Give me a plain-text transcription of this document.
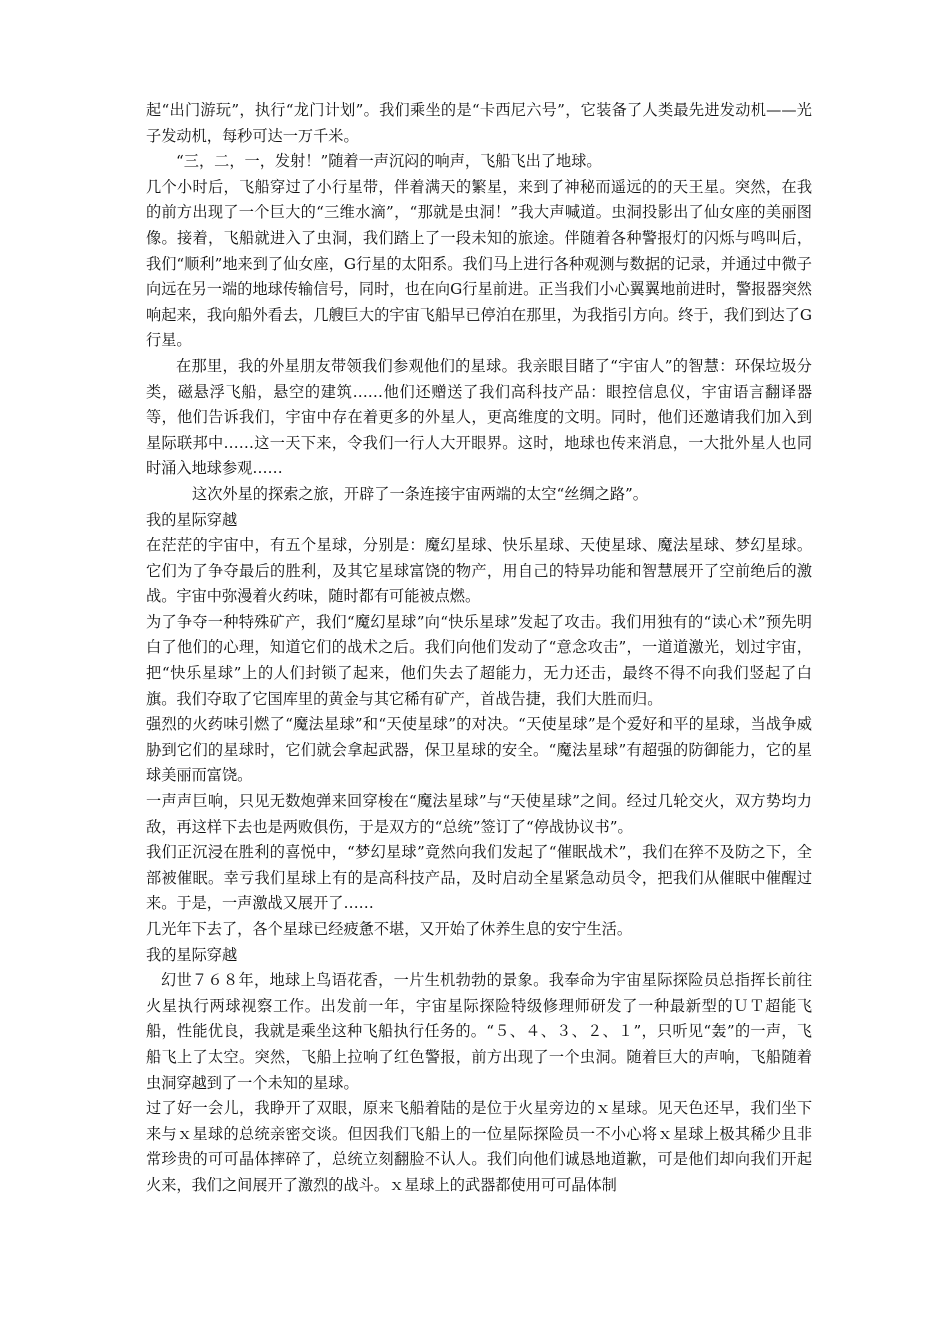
起“出门游玩”，执行“龙门计划”。我们乘坐的是“卡西尼六号”，它装备了人类最先进发动机——光子发动机，每秒可达一万千米。

“三，二，一，发射！”随着一声沉闷的响声，飞船飞出了地球。

几个小时后，飞船穿过了小行星带，伴着满天的繁星，来到了神秘而遥远的的天王星。突然，在我的前方出现了一个巨大的“三维水滴”，“那就是虫洞！”我大声喊道。虫洞投影出了仙女座的美丽图像。接着，飞船就进入了虫洞，我们踏上了一段未知的旅途。伴随着各种警报灯的闪烁与鸣叫后，我们“顺利”地来到了仙女座，G行星的太阳系。我们马上进行各种观测与数据的记录，并通过中微子向远在另一端的地球传输信号，同时，也在向G行星前进。正当我们小心翼翼地前进时，警报器突然响起来，我向船外看去，几艘巨大的宇宙飞船早已停泊在那里，为我指引方向。终于，我们到达了G行星。

在那里，我的外星朋友带领我们参观他们的星球。我亲眼目睹了“宇宙人”的智慧：环保垃圾分类，磁悬浮飞船，悬空的建筑……他们还赠送了我们高科技产品：眼控信息仪，宇宙语言翻译器等，他们告诉我们，宇宙中存在着更多的外星人，更高维度的文明。同时，他们还邀请我们加入到星际联邦中……这一天下来，令我们一行人大开眼界。这时，地球也传来消息，一大批外星人也同时涌入地球参观……

这次外星的探索之旅，开辟了一条连接宇宙两端的太空“丝绸之路”。

我的星际穿越

在茫茫的宇宙中，有五个星球，分别是：魔幻星球、快乐星球、天使星球、魔法星球、梦幻星球。它们为了争夺最后的胜利，及其它星球富饶的物产，用自己的特异功能和智慧展开了空前绝后的激战。宇宙中弥漫着火药味，随时都有可能被点燃。

为了争夺一种特殊矿产，我们“魔幻星球”向“快乐星球”发起了攻击。我们用独有的“读心术”预先明白了他们的心理，知道它们的战术之后。我们向他们发动了“意念攻击”，一道道激光，划过宇宙，把“快乐星球”上的人们封锁了起来，他们失去了超能力，无力还击，最终不得不向我们竖起了白旗。我们夺取了它国库里的黄金与其它稀有矿产，首战告捷，我们大胜而归。

强烈的火药味引燃了“魔法星球”和“天使星球”的对决。“天使星球”是个爱好和平的星球，当战争威胁到它们的星球时，它们就会拿起武器，保卫星球的安全。“魔法星球”有超强的防御能力，它的星球美丽而富饶。

一声声巨响，只见无数炮弹来回穿梭在“魔法星球”与“天使星球”之间。经过几轮交火，双方势均力敌，再这样下去也是两败俱伤，于是双方的“总统”签订了“停战协议书”。

我们正沉浸在胜利的喜悦中，“梦幻星球”竟然向我们发起了“催眠战术”，我们在猝不及防之下，全部被催眠。幸亏我们星球上有的是高科技产品，及时启动全星紧急动员令，把我们从催眠中催醒过来。于是，一声激战又展开了……

几光年下去了，各个星球已经疲惫不堪，又开始了休养生息的安宁生活。

我的星际穿越

幻世７６８年，地球上鸟语花香，一片生机勃勃的景象。我奉命为宇宙星际探险员总指挥长前往火星执行两球视察工作。出发前一年，宇宙星际探险特级修理师研发了一种最新型的ＵＴ超能飞船，性能优良，我就是乘坐这种飞船执行任务的。“５、４、３、２、１”，只听见“轰”的一声，飞船飞上了太空。突然，飞船上拉响了红色警报，前方出现了一个虫洞。随着巨大的声响，飞船随着虫洞穿越到了一个未知的星球。

过了好一会儿，我睁开了双眼，原来飞船着陆的是位于火星旁边的ｘ星球。见天色还早，我们坐下来与ｘ星球的总统亲密交谈。但因我们飞船上的一位星际探险员一不小心将ｘ星球上极其稀少且非常珍贵的可可晶体摔碎了，总统立刻翻脸不认人。我们向他们诚恳地道歉，可是他们却向我们开起火来，我们之间展开了激烈的战斗。ｘ星球上的武器都使用可可晶体制
